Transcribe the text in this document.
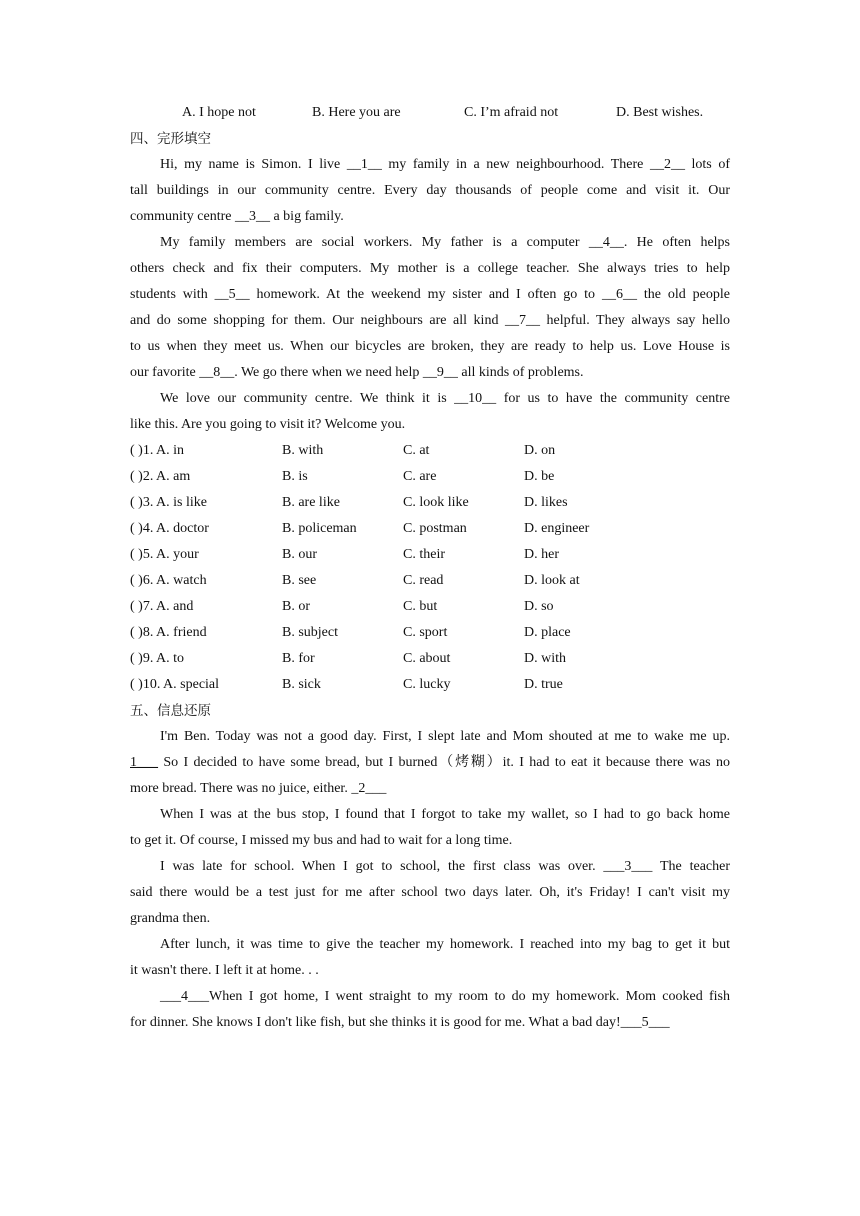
A. I hope not	B. Here you are	C. I’m afraid not	D. Best wishes.
四、完形填空
Hi, my name is Simon. I live __1__ my family in a new neighbourhood. There __2__ lots of
tall buildings in our community centre. Every day thousands of people come and visit it. Our
community centre __3__ a big family.
My family members are social workers. My father is a computer __4__. He often helps
others check and fix their computers. My mother is a college teacher. She always tries to help
students with __5__ homework. At the weekend my sister and I often go to __6__ the old people
and do some shopping for them. Our neighbours are all kind __7__ helpful. They always say hello
to us when they meet us. When our bicycles are broken, they are ready to help us. Love House is
our favorite __8__. We go there when we need help __9__ all kinds of problems.
We love our community centre. We think it is __10__ for us to have the community centre
like this. Are you going to visit it? Welcome you.
( )1. A. in	B. with	C. at	D. on
( )2. A. am	B. is	C. are	D. be
( )3. A. is like	B. are like	C. look like	D. likes
( )4. A. doctor	B. policeman	C. postman	D. engineer
( )5. A. your	B. our	C. their	D. her
( )6. A. watch	B. see	C. read	D. look at
( )7. A. and	B. or	C. but	D. so
( )8. A. friend	B. subject	C. sport	D. place
( )9. A. to	B. for	C. about	D. with
( )10. A. special	B. sick	C. lucky	D. true
五、信息还原
I'm Ben. Today was not a good day. First, I slept late and Mom shouted at me to wake me up.
1___ So I decided to have some bread, but I burned（烤糊）it. I had to eat it because there was no
more bread. There was no juice, either. _2___
When I was at the bus stop, I found that I forgot to take my wallet, so I had to go back home
to get it. Of course, I missed my bus and had to wait for a long time.
I was late for school. When I got to school, the first class was over. ___3___ The teacher
said there would be a test just for me after school two days later. Oh, it's Friday! I can't visit my
grandma then.
After lunch, it was time to give the teacher my homework. I reached into my bag to get it but
it wasn't there. I left it at home. . .
___4___When I got home, I went straight to my room to do my homework. Mom cooked fish
for dinner. She knows I don't like fish, but she thinks it is good for me. What a bad day!___5___
